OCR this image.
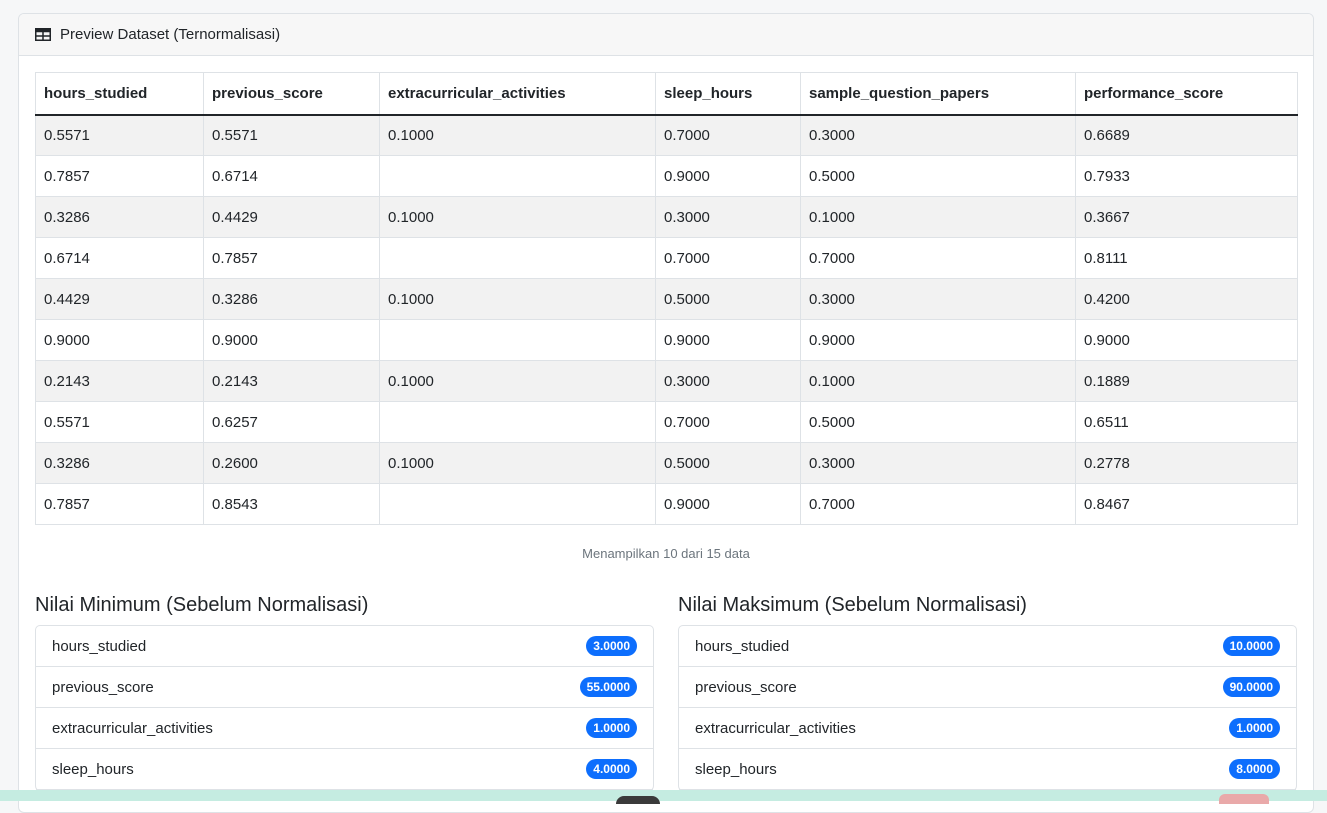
Preview Dataset (Ternormalisasi)
hours_studied	previous_score	extracurricular_activities	sleep_hours	sample_question_papers	performance_score
0.5571	0.5571	0.1000	0.7000	0.3000	0.6689
0.7857	0.6714		0.9000	0.5000	0.7933
0.3286	0.4429	0.1000	0.3000	0.1000	0.3667
0.6714	0.7857		0.7000	0.7000	0.8111
0.4429	0.3286	0.1000	0.5000	0.3000	0.4200
0.9000	0.9000		0.9000	0.9000	0.9000
0.2143	0.2143	0.1000	0.3000	0.1000	0.1889
0.5571	0.6257		0.7000	0.5000	0.6511
0.3286	0.2600	0.1000	0.5000	0.3000	0.2778
0.7857	0.8543		0.9000	0.7000	0.8467
Menampilkan 10 dari 15 data
Nilai Minimum (Sebelum Normalisasi)
hours_studied	3.0000
previous_score	55.0000
extracurricular_activities	1.0000
sleep_hours	4.0000
Nilai Maksimum (Sebelum Normalisasi)
hours_studied	10.0000
previous_score	90.0000
extracurricular_activities	1.0000
sleep_hours	8.0000
